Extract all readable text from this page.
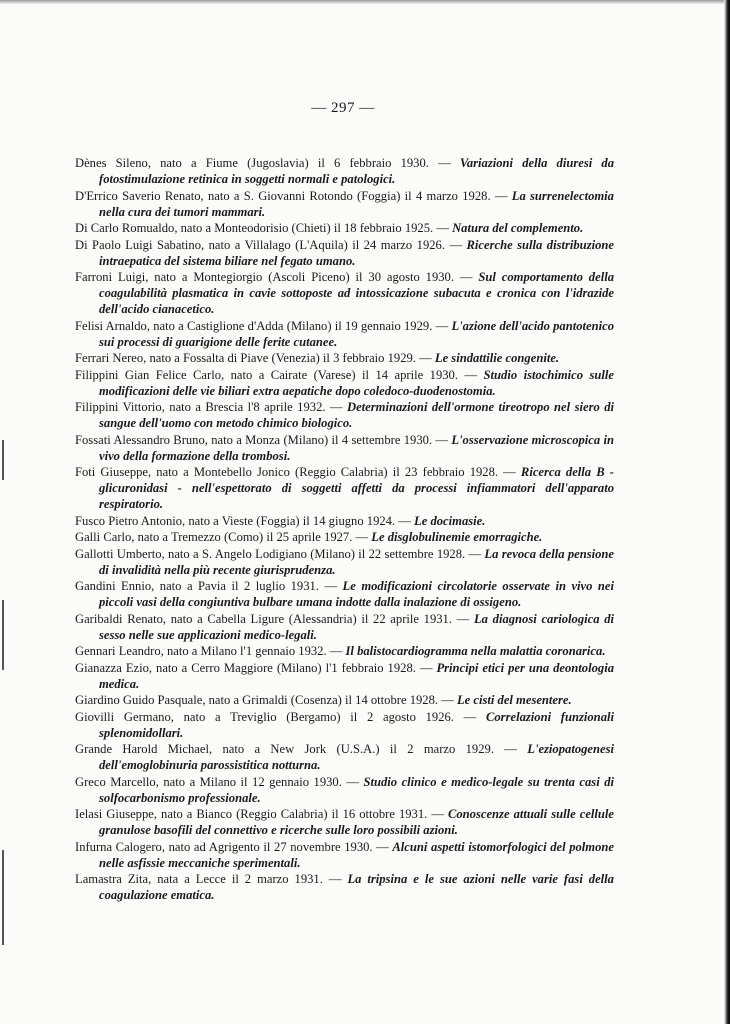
— 297 —

Dènes Sileno, nato a Fiume (Jugoslavia) il 6 febbraio 1930. — Variazioni della diuresi da fotostimulazione retinica in soggetti normali e patologici.

D'Errico Saverio Renato, nato a S. Giovanni Rotondo (Foggia) il 4 marzo 1928. — La surrenelectomia nella cura dei tumori mammari.

Di Carlo Romualdo, nato a Monteodorisio (Chieti) il 18 febbraio 1925. — Natura del complemento.

Di Paolo Luigi Sabatino, nato a Villalago (L'Aquila) il 24 marzo 1926. — Ricerche sulla distribuzione intraepatica del sistema biliare nel fegato umano.

Farroni Luigi, nato a Montegiorgio (Ascoli Piceno) il 30 agosto 1930. — Sul comportamento della coagulabilità plasmatica in cavie sottoposte ad intossicazione subacuta e cronica con l'idrazide dell'acido cianacetico.

Felisi Arnaldo, nato a Castiglione d'Adda (Milano) il 19 gennaio 1929. — L'azione dell'acido pantotenico sui processi di guarigione delle ferite cutanee.

Ferrari Nereo, nato a Fossalta di Piave (Venezia) il 3 febbraio 1929. — Le sindattilie congenite.

Filippini Gian Felice Carlo, nato a Cairate (Varese) il 14 aprile 1930. — Studio istochimico sulle modificazioni delle vie biliari extra aepatiche dopo coledoco-duodenostomia.

Filippini Vittorio, nato a Brescia l'8 aprile 1932. — Determinazioni dell'ormone tireotropo nel siero di sangue dell'uomo con metodo chimico biologico.

Fossati Alessandro Bruno, nato a Monza (Milano) il 4 settembre 1930. — L'osservazione microscopica in vivo della formazione della trombosi.

Foti Giuseppe, nato a Montebello Jonico (Reggio Calabria) il 23 febbraio 1928. — Ricerca della B - glicuronidasi - nell'espettorato di soggetti affetti da processi infiammatori dell'apparato respiratorio.

Fusco Pietro Antonio, nato a Vieste (Foggia) il 14 giugno 1924. — Le docimasie.

Galli Carlo, nato a Tremezzo (Como) il 25 aprile 1927. — Le disglobulinemie emorragiche.

Gallotti Umberto, nato a S. Angelo Lodigiano (Milano) il 22 settembre 1928. — La revoca della pensione di invalidità nella più recente giurisprudenza.

Gandini Ennio, nato a Pavia il 2 luglio 1931. — Le modificazioni circolatorie osservate in vivo nei piccoli vasi della congiuntiva bulbare umana indotte dalla inalazione di ossigeno.

Garibaldi Renato, nato a Cabella Ligure (Alessandria) il 22 aprile 1931. — La diagnosi cariologica di sesso nelle sue applicazioni medico-legali.

Gennari Leandro, nato a Milano l'1 gennaio 1932. — Il balistocardiogramma nella malattia coronarica.

Gianazza Ezio, nato a Cerro Maggiore (Milano) l'1 febbraio 1928. — Principi etici per una deontologia medica.

Giardino Guido Pasquale, nato a Grimaldi (Cosenza) il 14 ottobre 1928. — Le cisti del mesentere.

Giovilli Germano, nato a Treviglio (Bergamo) il 2 agosto 1926. — Correlazioni funzionali splenomidollari.

Grande Harold Michael, nato a New Jork (U.S.A.) il 2 marzo 1929. — L'eziopatogenesi dell'emoglobinuria parossistitica notturna.

Greco Marcello, nato a Milano il 12 gennaio 1930. — Studio clinico e medico-legale su trenta casi di solfocarbonismo professionale.

Ielasi Giuseppe, nato a Bianco (Reggio Calabria) il 16 ottobre 1931. — Conoscenze attuali sulle cellule granulose basofili del connettivo e ricerche sulle loro possibili azioni.

Infurna Calogero, nato ad Agrigento il 27 novembre 1930. — Alcuni aspetti istomorfologici del polmone nelle asfissie meccaniche sperimentali.

Lamastra Zita, nata a Lecce il 2 marzo 1931. — La tripsina e le sue azioni nelle varie fasi della coagulazione ematica.
